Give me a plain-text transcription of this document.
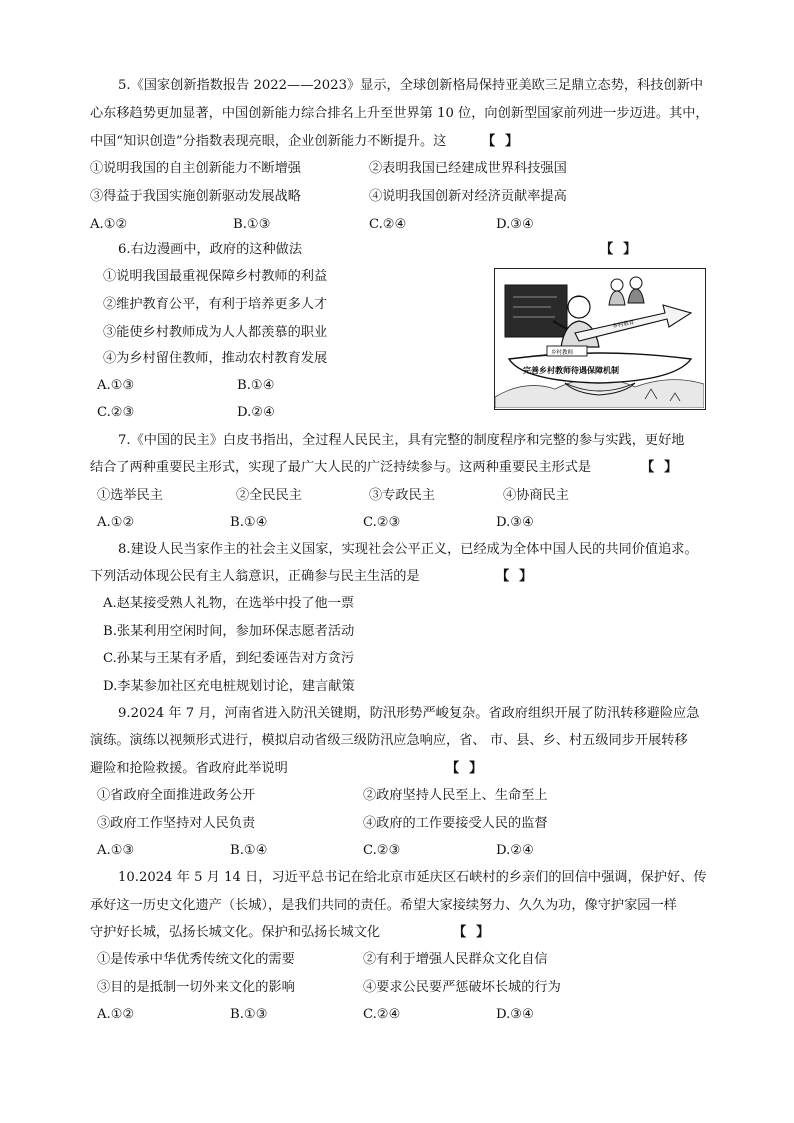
5.《国家创新指数报告 2022——2023》显示，全球创新格局保持亚美欧三足鼎立态势，科技创新中
心东移趋势更加显著，中国创新能力综合排名上升至世界第 10 位，向创新型国家前列进一步迈进。其中，
中国“知识创造”分指数表现亮眼，企业创新能力不断提升。这	【】
①说明我国的自主创新能力不断增强	②表明我国已经建成世界科技强国
③得益于我国实施创新驱动发展战略	④说明我国创新对经济贡献率提高
A.①②	B.①③	C.②④	D.③④
6.右边漫画中，政府的这种做法	【】
①说明我国最重视保障乡村教师的利益
②维护教育公平，有利于培养更多人才
③能使乡村教师成为人人都羡慕的职业
④为乡村留住教师，推动农村教育发展
A.①③	B.①④
C.②③	D.②④
乡村教育
乡村教师
完善乡村教师待遇保障机制
7.《中国的民主》白皮书指出，全过程人民民主，具有完整的制度程序和完整的参与实践，更好地
结合了两种重要民主形式，实现了最广大人民的广泛持续参与。这两种重要民主形式是	【】
①选举民主	②全民民主	③专政民主	④协商民主
A.①②	B.①④	C.②③	D.③④
8.建设人民当家作主的社会主义国家，实现社会公平正义，已经成为全体中国人民的共同价值追求。
下列活动体现公民有主人翁意识，正确参与民主生活的是	【】
A.赵某接受熟人礼物，在选举中投了他一票
B.张某利用空闲时间，参加环保志愿者活动
C.孙某与王某有矛盾，到纪委诬告对方贪污
D.李某参加社区充电桩规划讨论，建言献策
9.2024 年 7 月，河南省进入防汛关键期，防汛形势严峻复杂。省政府组织开展了防汛转移避险应急
演练。演练以视频形式进行，模拟启动省级三级防汛应急响应，省、 市、县、乡、村五级同步开展转移
避险和抢险救援。省政府此举说明	【】
①省政府全面推进政务公开	②政府坚持人民至上、生命至上
③政府工作坚持对人民负责	④政府的工作要接受人民的监督
A.①③	B.①④	C.②③	D.②④
10.2024 年 5 月 14 日，习近平总书记在给北京市延庆区石峡村的乡亲们的回信中强调，保护好、传
承好这一历史文化遗产（长城），是我们共同的责任。希望大家接续努力、久久为功，像守护家园一样
守护好长城，弘扬长城文化。保护和弘扬长城文化	【】
①是传承中华优秀传统文化的需要	②有利于增强人民群众文化自信
③目的是抵制一切外来文化的影响	④要求公民要严惩破坏长城的行为
A.①②	B.①③	C.②④	D.③④
